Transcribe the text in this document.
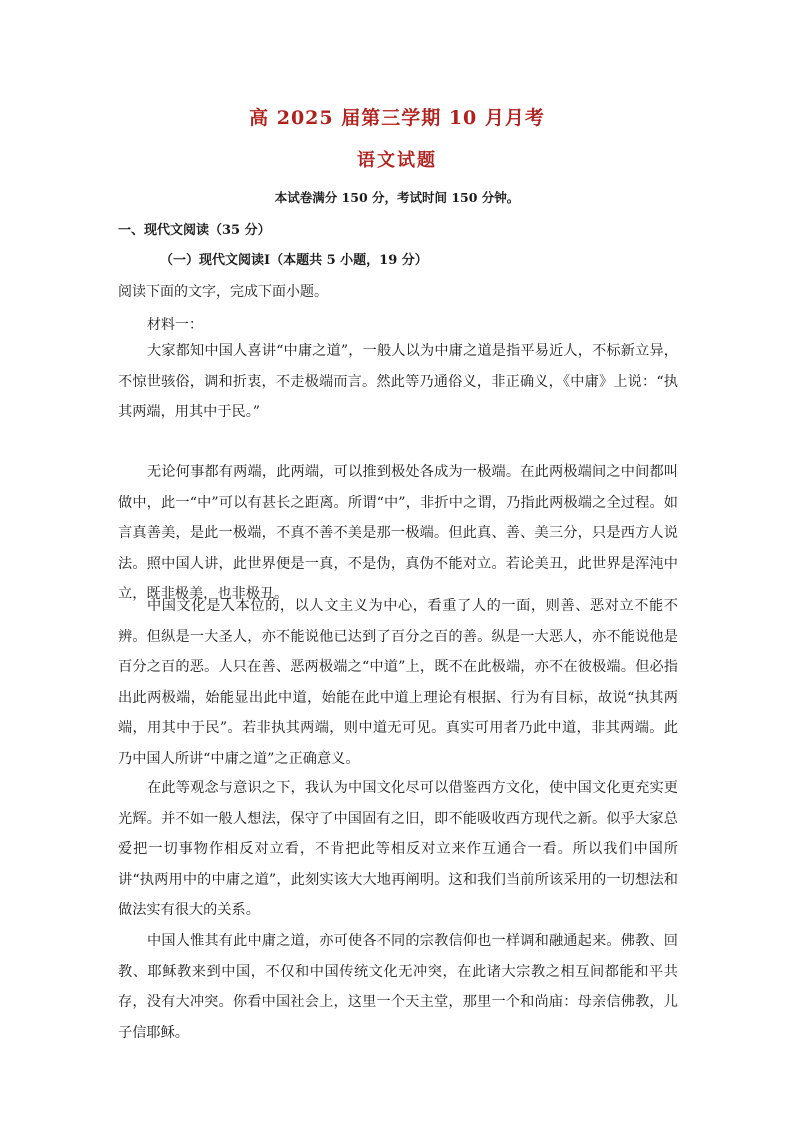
高 2025 届第三学期 10 月月考
语文试题
本试卷满分 150 分，考试时间 150 分钟。
一、现代文阅读（35 分）
（一）现代文阅读Ⅰ（本题共 5 小题，19 分）
阅读下面的文字，完成下面小题。
材料一：

大家都知中国人喜讲“中庸之道”，一般人以为中庸之道是指平易近人，不标新立异，不惊世骇俗，调和折衷，不走极端而言。然此等乃通俗义，非正确义，《中庸》上说：“执其两端，用其中于民。”

无论何事都有两端，此两端，可以推到极处各成为一极端。在此两极端间之中间都叫做中，此一“中”可以有甚长之距离。所谓“中”，非折中之谓，乃指此两极端之全过程。如言真善美，是此一极端，不真不善不美是那一极端。但此真、善、美三分，只是西方人说法。照中国人讲，此世界便是一真，不是伪，真伪不能对立。若论美丑，此世界是浑沌中立，既非极美，也非极丑。

中国文化是人本位的，以人文主义为中心，看重了人的一面，则善、恶对立不能不辨。但纵是一大圣人，亦不能说他已达到了百分之百的善。纵是一大恶人，亦不能说他是百分之百的恶。人只在善、恶两极端之“中道”上，既不在此极端，亦不在彼极端。但必指出此两极端，始能显出此中道，始能在此中道上理论有根据、行为有目标，故说“执其两端，用其中于民”。若非执其两端，则中道无可见。真实可用者乃此中道，非其两端。此乃中国人所讲“中庸之道”之正确意义。

在此等观念与意识之下，我认为中国文化尽可以借鉴西方文化，使中国文化更充实更光辉。并不如一般人想法，保守了中国固有之旧，即不能吸收西方现代之新。似乎大家总爱把一切事物作相反对立看，不肯把此等相反对立来作互通合一看。所以我们中国所讲“执两用中的中庸之道”，此刻实该大大地再阐明。这和我们当前所该采用的一切想法和做法实有很大的关系。

中国人惟其有此中庸之道，亦可使各不同的宗教信仰也一样调和融通起来。佛教、回教、耶稣教来到中国，不仅和中国传统文化无冲突，在此诸大宗教之相互间都能和平共存，没有大冲突。你看中国社会上，这里一个天主堂，那里一个和尚庙：母亲信佛教，儿子信耶稣。
